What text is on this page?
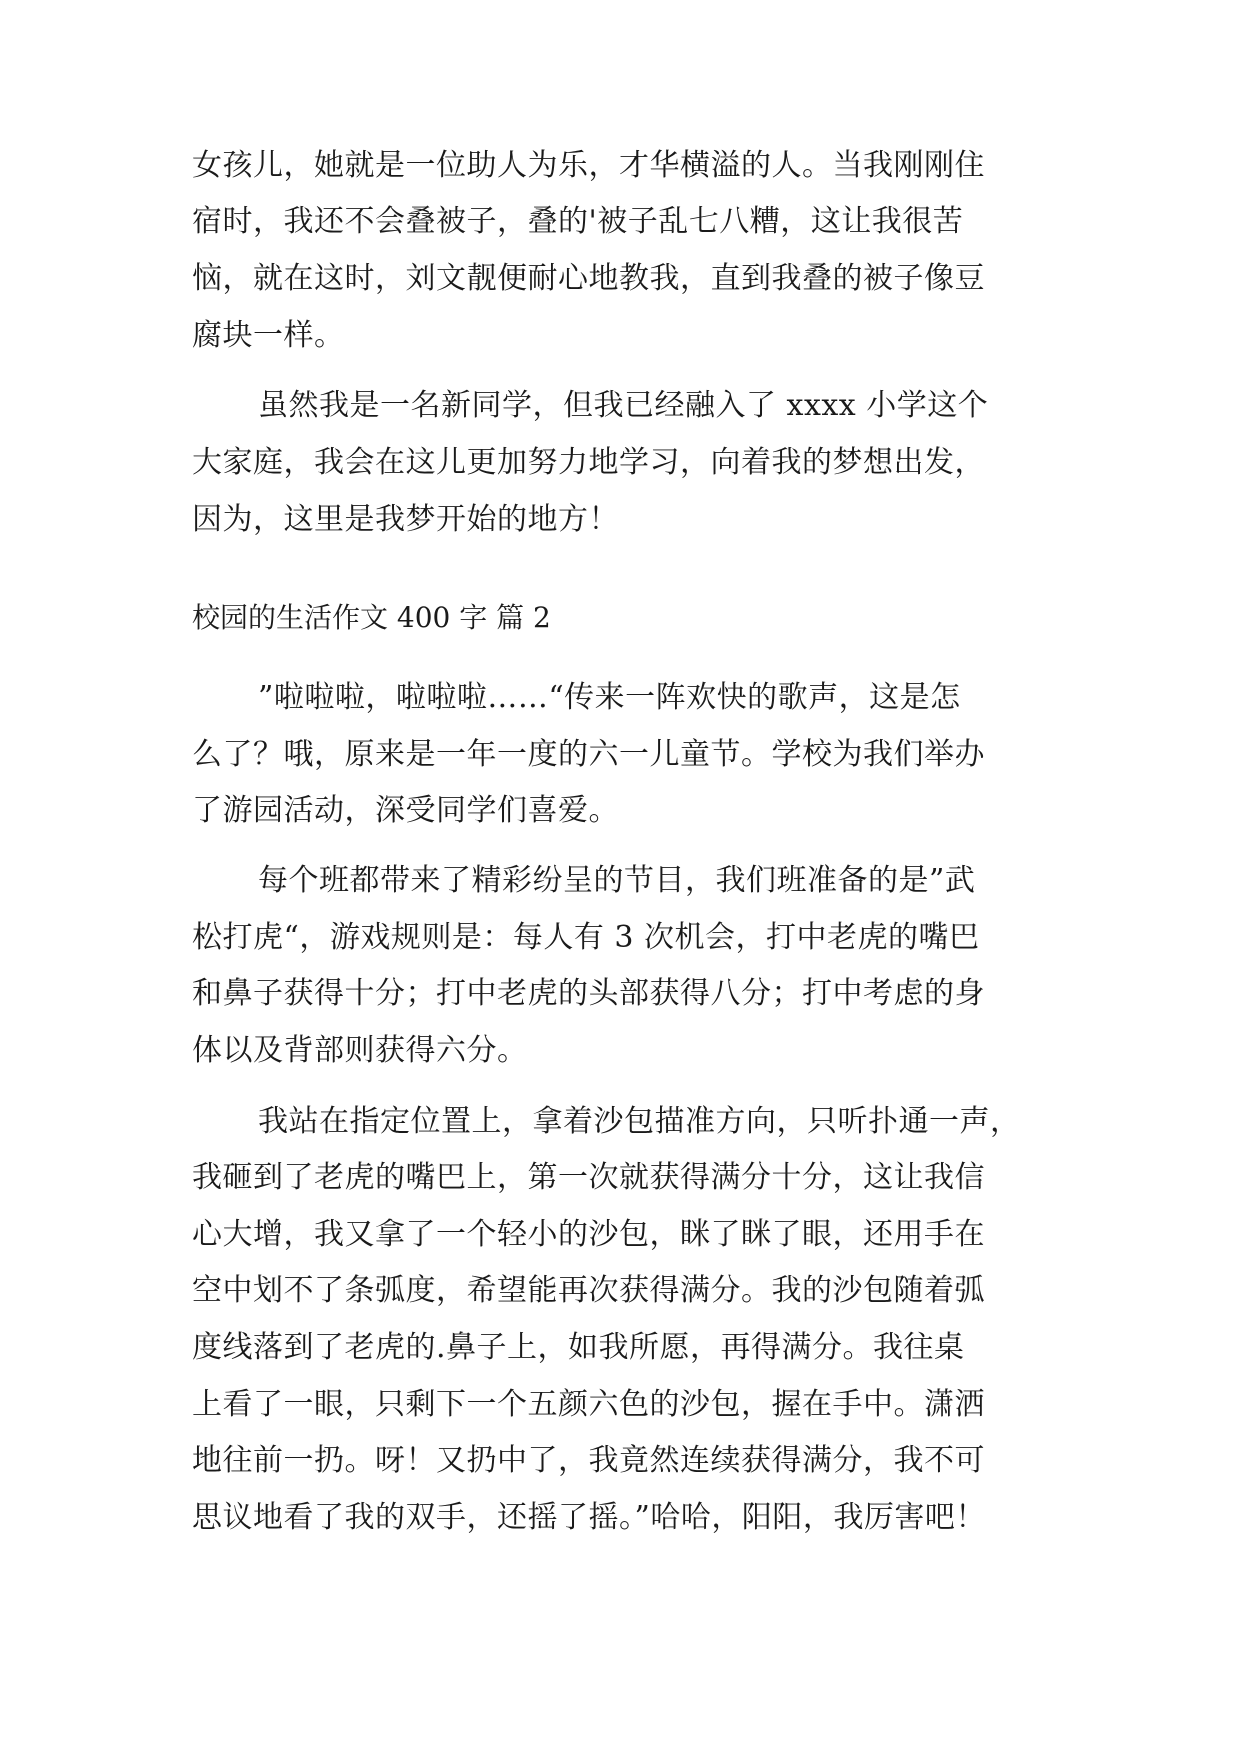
女孩儿，她就是一位助人为乐，才华横溢的人。当我刚刚住
宿时，我还不会叠被子，叠的'被子乱七八糟，这让我很苦
恼，就在这时，刘文靓便耐心地教我，直到我叠的被子像豆
腐块一样。
虽然我是一名新同学，但我已经融入了 xxxx 小学这个
大家庭，我会在这儿更加努力地学习，向着我的梦想出发，
因为，这里是我梦开始的地方！
校园的生活作文 400 字 篇 2
”啦啦啦，啦啦啦……“传来一阵欢快的歌声，这是怎
么了？哦，原来是一年一度的六一儿童节。学校为我们举办
了游园活动，深受同学们喜爱。
每个班都带来了精彩纷呈的节目，我们班准备的是”武
松打虎“，游戏规则是：每人有 3 次机会，打中老虎的嘴巴
和鼻子获得十分；打中老虎的头部获得八分；打中考虑的身
体以及背部则获得六分。
我站在指定位置上，拿着沙包描准方向，只听扑通一声，
我砸到了老虎的嘴巴上，第一次就获得满分十分，这让我信
心大增，我又拿了一个轻小的沙包，眯了眯了眼，还用手在
空中划不了条弧度，希望能再次获得满分。我的沙包随着弧
度线落到了老虎的.鼻子上，如我所愿，再得满分。我往桌
上看了一眼，只剩下一个五颜六色的沙包，握在手中。潇洒
地往前一扔。呀！又扔中了，我竟然连续获得满分，我不可
思议地看了我的双手，还摇了摇。”哈哈，阳阳，我厉害吧！
